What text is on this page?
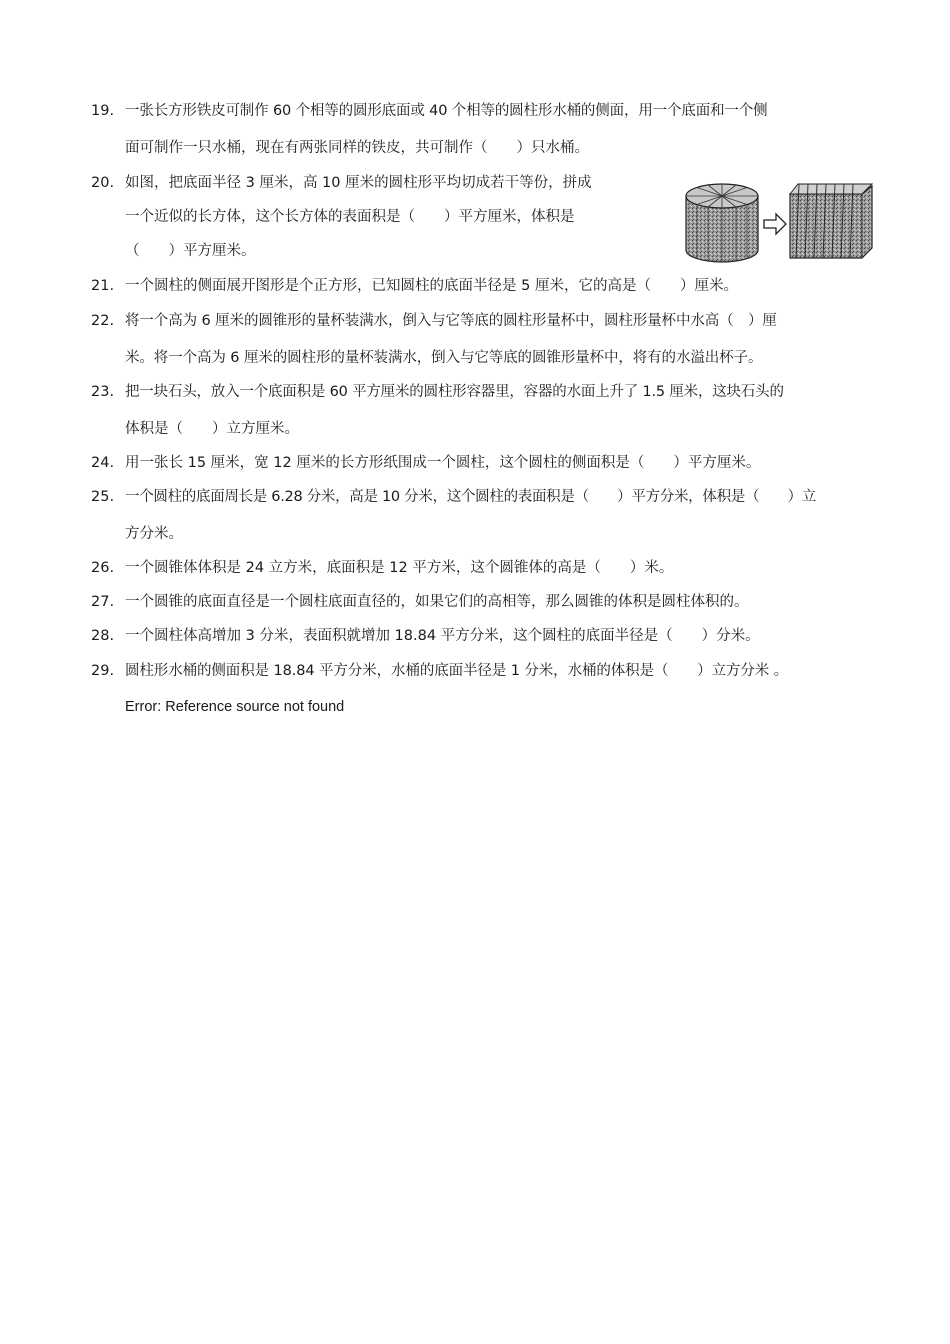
19. 一张长方形铁皮可制作 60 个相等的圆形底面或 40 个相等的圆柱形水桶的侧面，用一个底面和一个侧
面可制作一只水桶，现在有两张同样的铁皮，共可制作（　　）只水桶。
20. 如图，把底面半径 3 厘米，高 10 厘米的圆柱形平均切成若干等份，拼成
一个近似的长方体，这个长方体的表面积是（　　）平方厘米，体积是
（　　）平方厘米。
21. 一个圆柱的侧面展开图形是个正方形，已知圆柱的底面半径是 5 厘米，它的高是（　　）厘米。
22. 将一个高为 6 厘米的圆锥形的量杯装满水，倒入与它等底的圆柱形量杯中，圆柱形量杯中水高（　）厘
米。将一个高为 6 厘米的圆柱形的量杯装满水，倒入与它等底的圆锥形量杯中，将有的水溢出杯子。
23. 把一块石头，放入一个底面积是 60 平方厘米的圆柱形容器里，容器的水面上升了 1.5 厘米，这块石头的
体积是（　　）立方厘米。
24. 用一张长 15 厘米，宽 12 厘米的长方形纸围成一个圆柱，这个圆柱的侧面积是（　　）平方厘米。
25. 一个圆柱的底面周长是 6.28 分米，高是 10 分米，这个圆柱的表面积是（　　）平方分米，体积是（　　）立
方分米。
26. 一个圆锥体体积是 24 立方米，底面积是 12 平方米，这个圆锥体的高是（　　）米。
27. 一个圆锥的底面直径是一个圆柱底面直径的，如果它们的高相等，那么圆锥的体积是圆柱体积的。
28. 一个圆柱体高增加 3 分米，表面积就增加 18.84 平方分米，这个圆柱的底面半径是（　　）分米。
29. 圆柱形水桶的侧面积是 18.84 平方分米，水桶的底面半径是 1 分米，水桶的体积是（　　）立方分米 。
Error: Reference source not found
